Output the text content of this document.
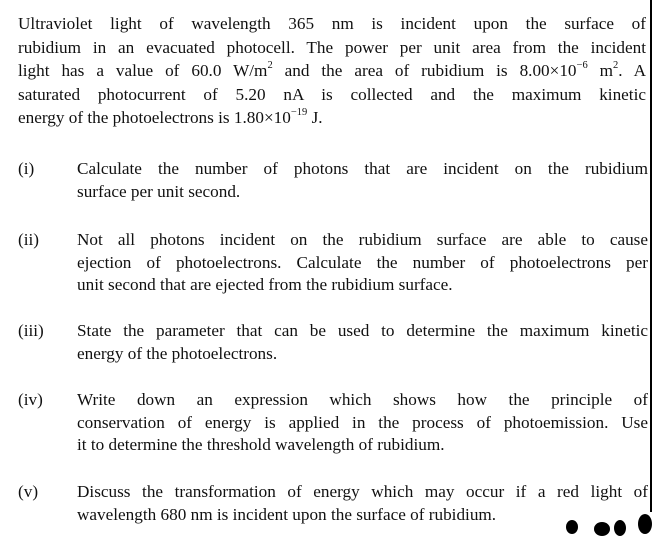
Ultraviolet light of wavelength 365 nm is incident upon the surface of
rubidium in an evacuated photocell. The power per unit area from the incident
light has a value of 60.0 $W/m^2$ and the area of rubidium is $8.00\times 10^{-6}$ $m^2$. A
saturated photocurrent of 5.20 nA is collected and the maximum kinetic
energy of the photoelectrons is $1.80\times 10^{-19}$ J.
(i)	Calculate the number of photons that are incident on the rubidium
surface per unit second.
(ii)	Not all photons incident on the rubidium surface are able to cause
ejection of photoelectrons. Calculate the number of photoelectrons per
unit second that are ejected from the rubidium surface.
(iii)	State the parameter that can be used to determine the maximum kinetic
energy of the photoelectrons.
(iv)	Write down an expression which shows how the principle of
conservation of energy is applied in the process of photoemission. Use
it to determine the threshold wavelength of rubidium.
(v)	Discuss the transformation of energy which may occur if a red light of
wavelength 680 nm is incident upon the surface of rubidium.
